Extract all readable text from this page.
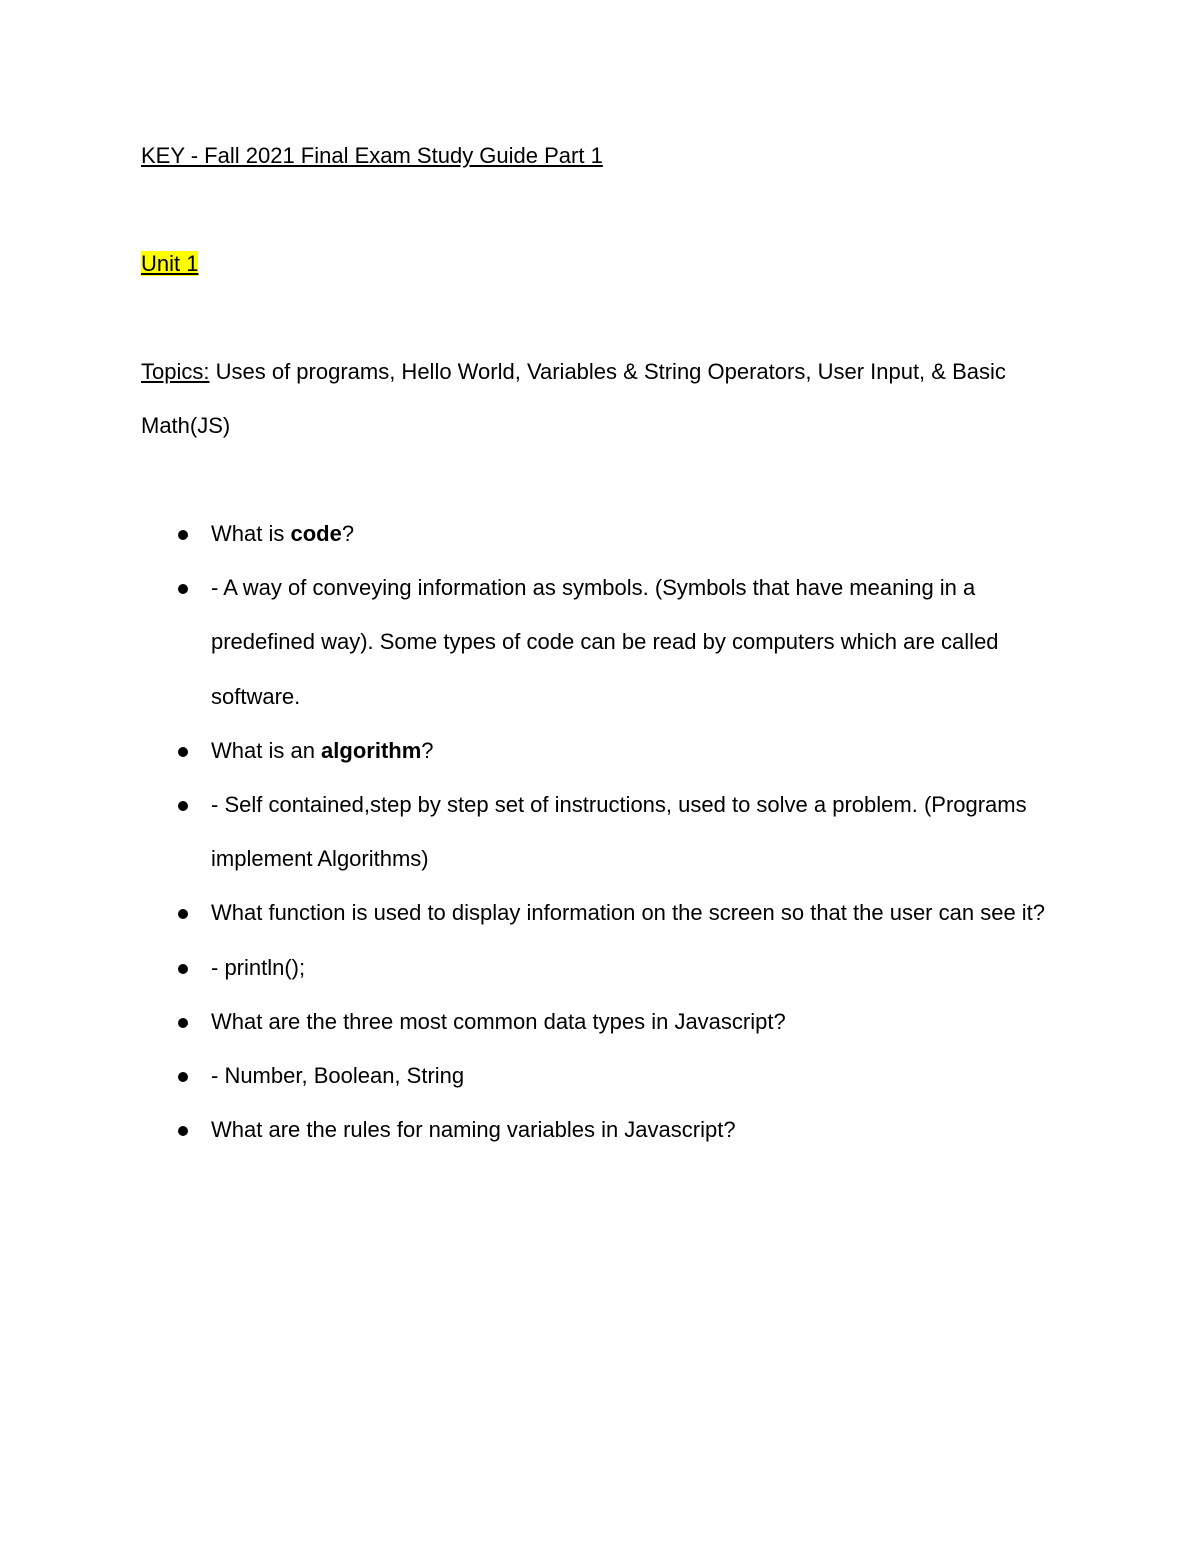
KEY - Fall 2021 Final Exam Study Guide Part 1
Unit 1

Topics: Uses of programs, Hello World, Variables & String Operators, User Input, & Basic Math(JS)

What is code?
- A way of conveying information as symbols. (Symbols that have meaning in a predefined way). Some types of code can be read by computers which are called software.
What is an algorithm?
- Self contained,step by step set of instructions, used to solve a problem. (Programs implement Algorithms)
What function is used to display information on the screen so that the user can see it?
- println();
What are the three most common data types in Javascript?
- Number, Boolean, String
What are the rules for naming variables in Javascript?
